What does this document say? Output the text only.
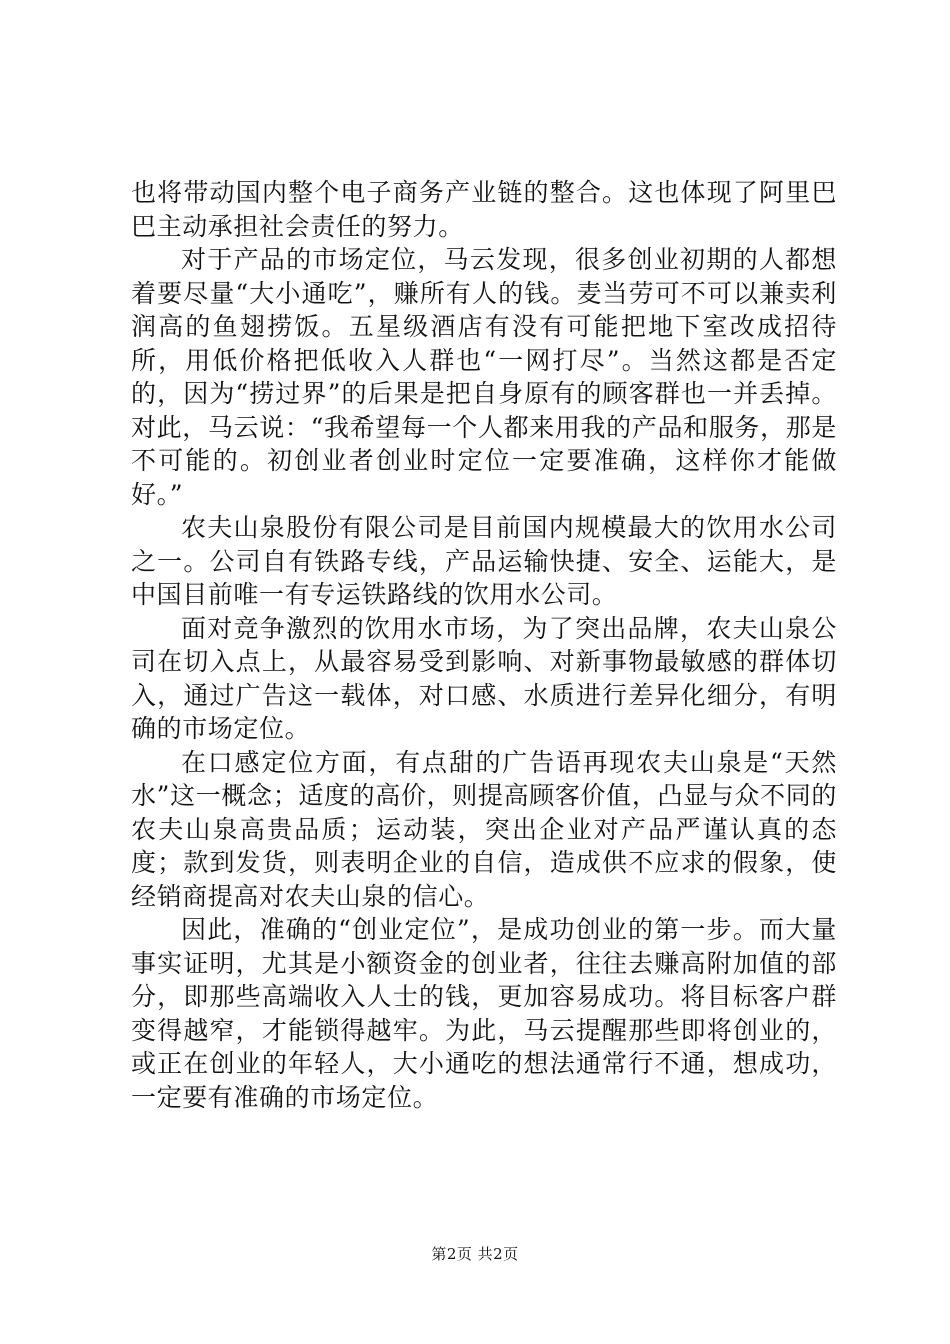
也将带动国内整个电子商务产业链的整合。这也体现了阿里巴巴主动承担社会责任的努力。

对于产品的市场定位，马云发现，很多创业初期的人都想着要尽量“大小通吃”，赚所有人的钱。麦当劳可不可以兼卖利润高的鱼翅捞饭。五星级酒店有没有可能把地下室改成招待所，用低价格把低收入人群也“一网打尽”。当然这都是否定的，因为“捞过界”的后果是把自身原有的顾客群也一并丢掉。对此，马云说：“我希望每一个人都来用我的产品和服务，那是不可能的。初创业者创业时定位一定要准确，这样你才能做好。”

农夫山泉股份有限公司是目前国内规模最大的饮用水公司之一。公司自有铁路专线，产品运输快捷、安全、运能大，是中国目前唯一有专运铁路线的饮用水公司。

面对竞争激烈的饮用水市场，为了突出品牌，农夫山泉公司在切入点上，从最容易受到影响、对新事物最敏感的群体切入，通过广告这一载体，对口感、水质进行差异化细分，有明确的市场定位。

在口感定位方面，有点甜的广告语再现农夫山泉是“天然水”这一概念；适度的高价，则提高顾客价值，凸显与众不同的农夫山泉高贵品质；运动装，突出企业对产品严谨认真的态度；款到发货，则表明企业的自信，造成供不应求的假象，使经销商提高对农夫山泉的信心。

因此，准确的“创业定位”，是成功创业的第一步。而大量事实证明，尤其是小额资金的创业者，往往去赚高附加值的部分，即那些高端收入人士的钱，更加容易成功。将目标客户群变得越窄，才能锁得越牢。为此，马云提醒那些即将创业的，或正在创业的年轻人，大小通吃的想法通常行不通，想成功，一定要有准确的市场定位。

第2页 共2页
